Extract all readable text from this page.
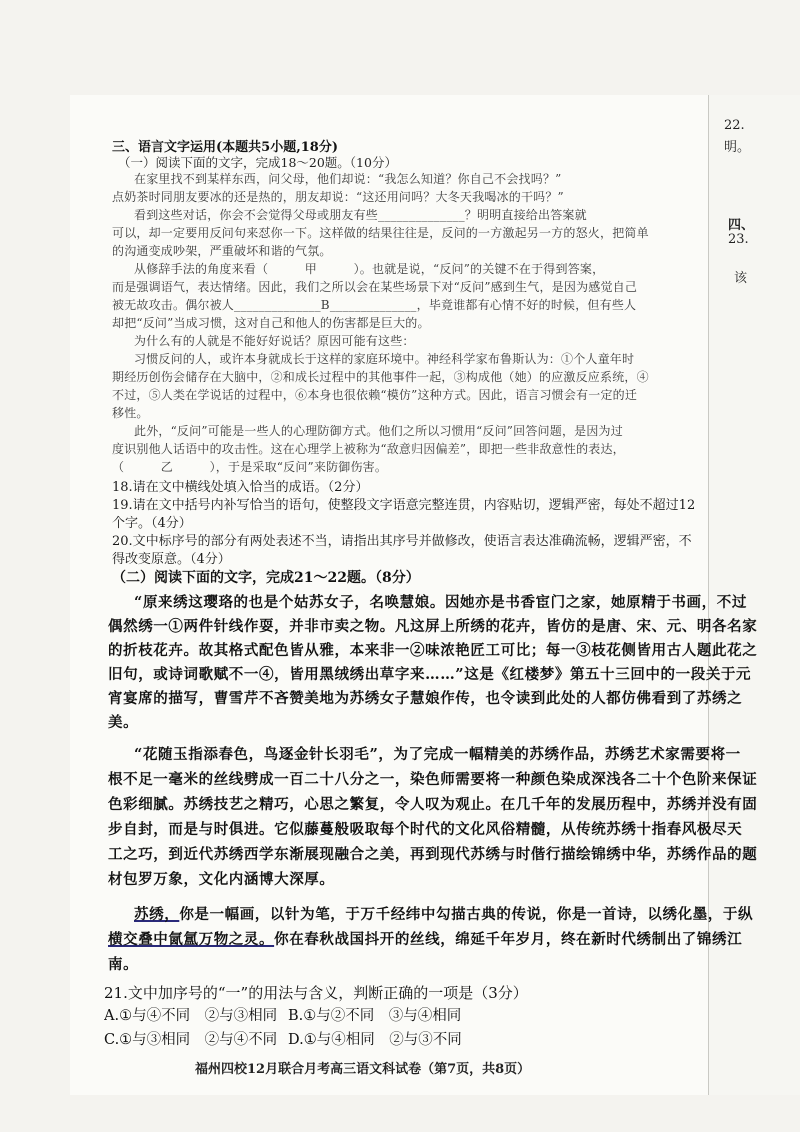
22.
明。
四、
23.
该
三、语言文字运用(本题共5小题,18分)
（一）阅读下面的文字，完成18～20题。（10分）
在家里找不到某样东西，问父母，他们却说：“我怎么知道？你自己不会找吗？”
点奶茶时同朋友要冰的还是热的，朋友却说：“这还用问吗？大冬天我喝冰的干吗？”
看到这些对话，你会不会觉得父母或朋友有些______________？明明直接给出答案就
可以，却一定要用反问句来怼你一下。这样做的结果往往是，反问的一方激起另一方的怒火，把简单
的沟通变成吵架，严重破坏和谐的气氛。
从修辞手法的角度来看（　　　甲　　　）。也就是说，“反问”的关键不在于得到答案，
而是强调语气，表达情绪。因此，我们之所以会在某些场景下对“反问”感到生气，是因为感觉自己
被无故攻击。偶尔被人______________B______________，毕竟谁都有心情不好的时候，但有些人
却把“反问”当成习惯，这对自己和他人的伤害都是巨大的。
为什么有的人就是不能好好说话？原因可能有这些：
习惯反问的人，或许本身就成长于这样的家庭环境中。神经科学家布鲁斯认为：①个人童年时
期经历创伤会储存在大脑中，②和成长过程中的其他事件一起，③构成他（她）的应激反应系统，④
不过，⑤人类在学说话的过程中，⑥本身也很依赖“模仿”这种方式。因此，语言习惯会有一定的迁
移性。
此外，“反问”可能是一些人的心理防御方式。他们之所以习惯用“反问”回答问题，是因为过
度识别他人话语中的攻击性。这在心理学上被称为“敌意归因偏差”，即把一些非敌意性的表达，
（　　　乙　　　），于是采取“反问”来防御伤害。
18.请在文中横线处填入恰当的成语。（2分）
19.请在文中括号内补写恰当的语句，使整段文字语意完整连贯，内容贴切，逻辑严密，每处不超过12
个字。（4分）
20.文中标序号的部分有两处表述不当，请指出其序号并做修改，使语言表达准确流畅，逻辑严密，不
得改变原意。（4分）
（二）阅读下面的文字，完成21～22题。（8分）
“原来绣这璎珞的也是个姑苏女子，名唤慧娘。因她亦是书香宦门之家，她原精于书画，不过
偶然绣一①两件针线作耍，并非市卖之物。凡这屏上所绣的花卉，皆仿的是唐、宋、元、明各名家
的折枝花卉。故其格式配色皆从雅，本来非一②味浓艳匠工可比；每一③枝花侧皆用古人题此花之
旧句，或诗词歌赋不一④，皆用黑绒绣出草字来……”这是《红楼梦》第五十三回中的一段关于元
宵宴席的描写，曹雪芹不吝赞美地为苏绣女子慧娘作传，也令读到此处的人都仿佛看到了苏绣之
美。
“花随玉指添春色，鸟逐金针长羽毛”，为了完成一幅精美的苏绣作品，苏绣艺术家需要将一
根不足一毫米的丝线劈成一百二十八分之一，染色师需要将一种颜色染成深浅各二十个色阶来保证
色彩细腻。苏绣技艺之精巧，心思之繁复，令人叹为观止。在几千年的发展历程中，苏绣并没有固
步自封，而是与时俱进。它似藤蔓般吸取每个时代的文化风俗精髓，从传统苏绣十指春风极尽天
工之巧，到近代苏绣西学东渐展现融合之美，再到现代苏绣与时偕行描绘锦绣中华，苏绣作品的题
材包罗万象，文化内涵博大深厚。
苏绣，你是一幅画，以针为笔，于万千经纬中勾描古典的传说，你是一首诗，以绣化墨，于纵
横交叠中氤氲万物之灵。你在春秋战国抖开的丝线，绵延千年岁月，终在新时代绣制出了锦绣江
南。
21.文中加序号的“一”的用法与含义，判断正确的一项是（3分）
A.①与④不同　②与③相同 B.①与②不同　③与④相同
C.①与③相同　②与④不同 D.①与④相同　②与③不同
福州四校12月联合月考高三语文科试卷（第7页，共8页）
